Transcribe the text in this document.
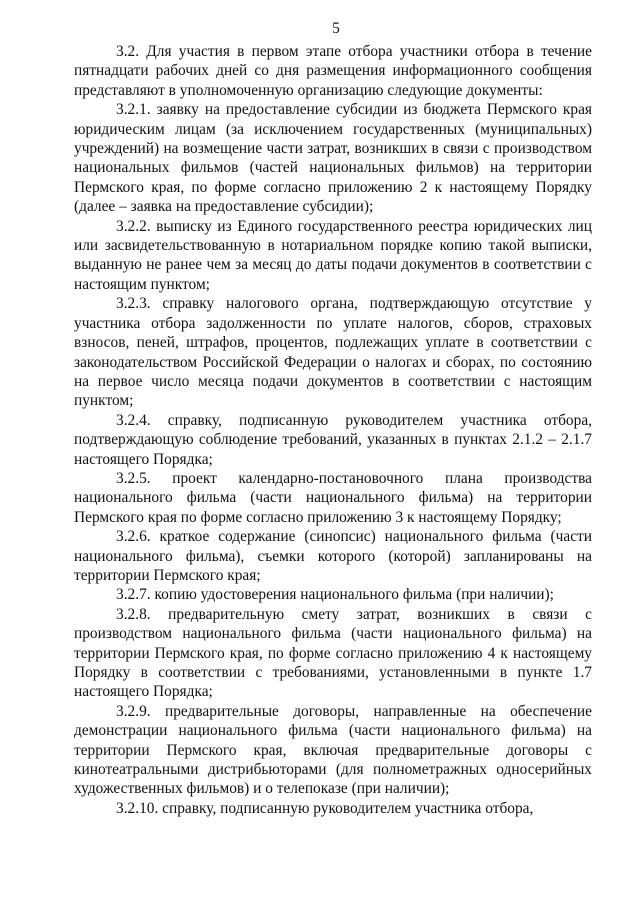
5

3.2. Для участия в первом этапе отбора участники отбора в течение пятнадцати рабочих дней со дня размещения информационного сообщения представляют в уполномоченную организацию следующие документы:

3.2.1. заявку на предоставление субсидии из бюджета Пермского края юридическим лицам (за исключением государственных (муниципальных) учреждений) на возмещение части затрат, возникших в связи с производством национальных фильмов (частей национальных фильмов) на территории Пермского края, по форме согласно приложению 2 к настоящему Порядку (далее – заявка на предоставление субсидии);

3.2.2. выписку из Единого государственного реестра юридических лиц или засвидетельствованную в нотариальном порядке копию такой выписки, выданную не ранее чем за месяц до даты подачи документов в соответствии с настоящим пунктом;

3.2.3. справку налогового органа, подтверждающую отсутствие у участника отбора задолженности по уплате налогов, сборов, страховых взносов, пеней, штрафов, процентов, подлежащих уплате в соответствии с законодательством Российской Федерации о налогах и сборах, по состоянию на первое число месяца подачи документов в соответствии с настоящим пунктом;

3.2.4. справку, подписанную руководителем участника отбора, подтверждающую соблюдение требований, указанных в пунктах 2.1.2 – 2.1.7 настоящего Порядка;

3.2.5. проект календарно-постановочного плана производства национального фильма (части национального фильма) на территории Пермского края по форме согласно приложению 3 к настоящему Порядку;

3.2.6. краткое содержание (синопсис) национального фильма (части национального фильма), съемки которого (которой) запланированы на территории Пермского края;

3.2.7. копию удостоверения национального фильма (при наличии);

3.2.8. предварительную смету затрат, возникших в связи с производством национального фильма (части национального фильма) на территории Пермского края, по форме согласно приложению 4 к настоящему Порядку в соответствии с требованиями, установленными в пункте 1.7 настоящего Порядка;

3.2.9. предварительные договоры, направленные на обеспечение демонстрации национального фильма (части национального фильма) на территории Пермского края, включая предварительные договоры с кинотеатральными дистрибьюторами (для полнометражных односерийных художественных фильмов) и о телепоказе (при наличии);

3.2.10. справку, подписанную руководителем участника отбора,
